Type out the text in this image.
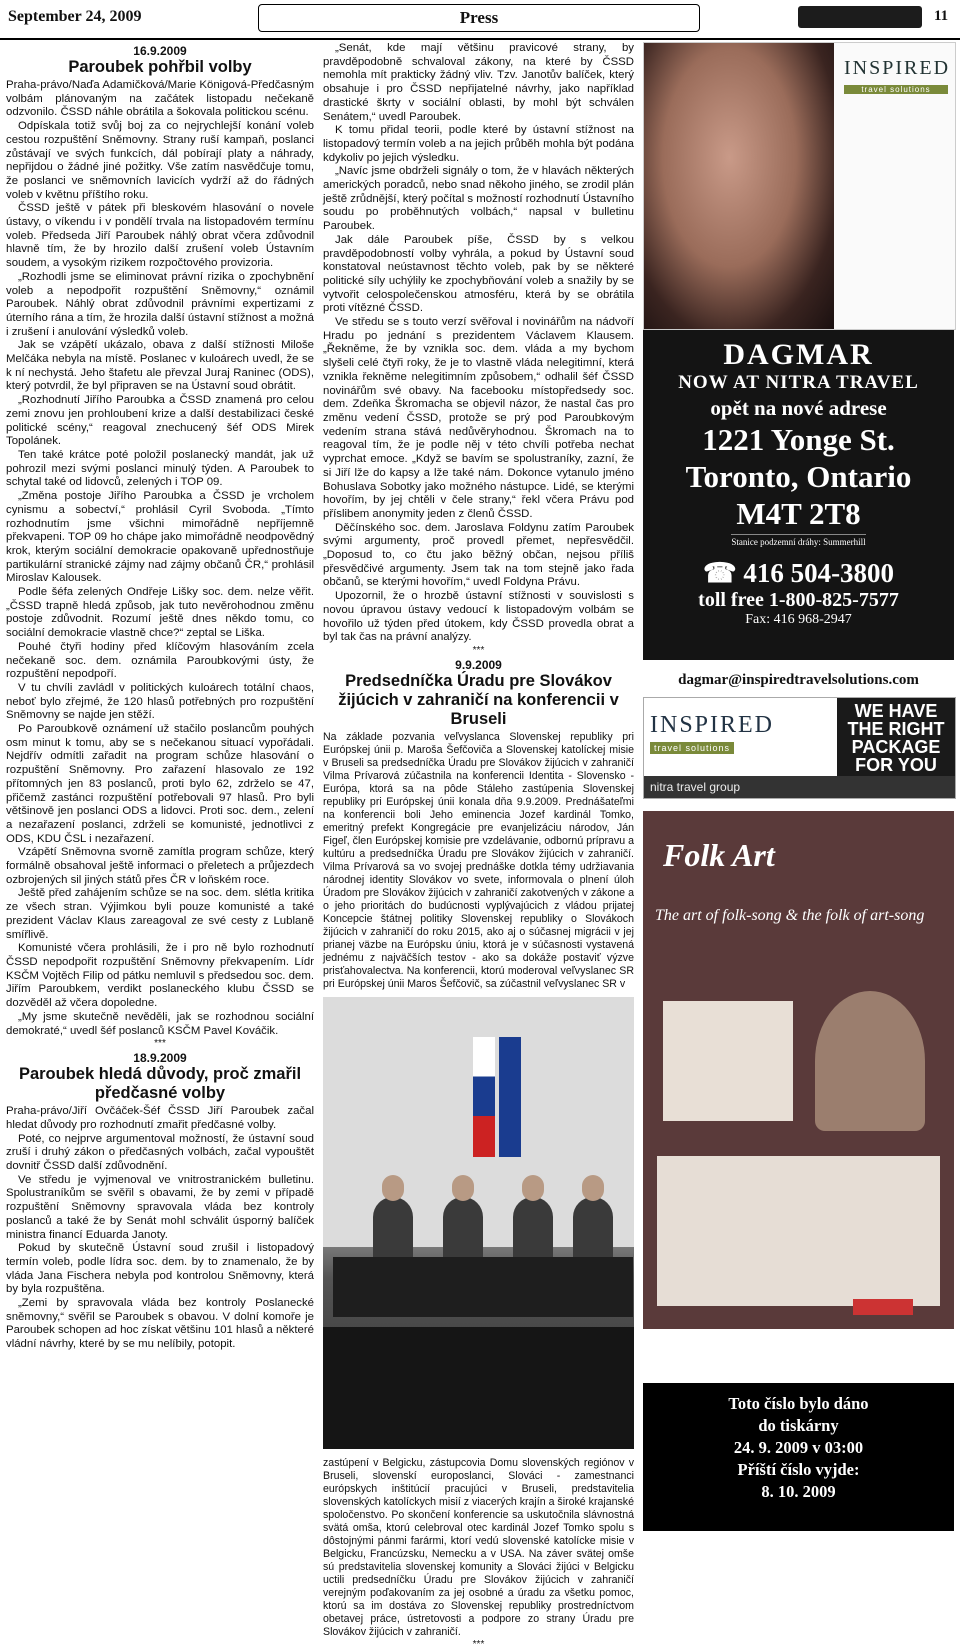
September 24, 2009	Press	11
16.9.2009
Paroubek pohřbil volby

Praha-právo/Naďa Adamičková/Marie Königová-Předčasným volbám plánovaným na začátek listopadu nečekaně odzvonilo. ČSSD náhle obrátila a šokovala politickou scénu.

Odpískala totiž svůj boj za co nejrychlejší konání voleb cestou rozpuštění Sněmovny. Strany ruší kampaň, poslanci zůstávají ve svých funkcích, dál pobírají platy a náhrady, nepřijdou o žádné jiné požitky. Vše zatím nasvědčuje tomu, že poslanci ve sněmovních lavicích vydrží až do řádných voleb v květnu příštího roku.

ČSSD ještě v pátek při bleskovém hlasování o novele ústavy, o víkendu i v pondělí trvala na listopadovém termínu voleb. Předseda Jiří Paroubek náhlý obrat včera zdůvodnil hlavně tím, že by hrozilo další zrušení voleb Ústavním soudem, a vysokým rizikem rozpočtového provizoria.

„Rozhodli jsme se eliminovat právní rizika o zpochybnění voleb a nepodpořit rozpuštění Sněmovny,“ oznámil Paroubek. Náhlý obrat zdůvodnil právními expertizami z úterního rána a tím, že hrozila další ústavní stížnost a možná i zrušení i anulování výsledků voleb.

Jak se vzápětí ukázalo, obava z další stížnosti Miloše Melčáka nebyla na místě. Poslanec v kuloárech uvedl, že se k ní nechystá. Jeho štafetu ale převzal Juraj Raninec (ODS), který potvrdil, že byl připraven se na Ústavní soud obrátit.

„Rozhodnutí Jiřího Paroubka a ČSSD znamená pro celou zemi znovu jen prohloubení krize a další destabilizaci české politické scény,“ reagoval znechucený šéf ODS Mirek Topolánek.

Ten také krátce poté položil poslanecký mandát, jak už pohrozil mezi svými poslanci minulý týden. A Paroubek to schytal také od lidovců, zelených i TOP 09.

„Změna postoje Jiřího Paroubka a ČSSD je vrcholem cynismu a sobectví,“ prohlásil Cyril Svoboda. „Tímto rozhodnutím jsme všichni mimořádně nepříjemně překvapeni. TOP 09 ho chápe jako mimořádně neodpovědný krok, kterým sociální demokracie opakovaně upřednostňuje partikulární stranické zájmy nad zájmy občanů ČR,“ prohlásil Miroslav Kalousek.

Podle šéfa zelených Ondřeje Lišky soc. dem. nelze věřit. „ČSSD trapně hledá způsob, jak tuto nevěrohodnou změnu postoje zdůvodnit. Rozumí ještě dnes někdo tomu, co sociální demokracie vlastně chce?“ zeptal se Liška.

Pouhé čtyři hodiny před klíčovým hlasováním zcela nečekaně soc. dem. oznámila Paroubkovými ústy, že rozpuštění nepodpoří.

V tu chvíli zavládl v politických kuloárech totální chaos, neboť bylo zřejmé, že 120 hlasů potřebných pro rozpuštění Sněmovny se najde jen stěží.

Po Paroubkově oznámení už stačilo poslancům pouhých osm minut k tomu, aby se s nečekanou situací vypořádali. Nejdřív odmítli zařadit na program schůze hlasování o rozpuštění Sněmovny. Pro zařazení hlasovalo ze 192 přítomných jen 83 poslanců, proti bylo 62, zdrželo se 47, přičemž zastánci rozpuštění potřebovali 97 hlasů. Pro byli většinově jen poslanci ODS a lidovci. Proti soc. dem., zelení a nezařazení poslanci, zdrželi se komunisté, jednotlivci z ODS, KDU ČSL i nezařazení.

Vzápětí Sněmovna svorně zamítla program schůze, který formálně obsahoval ještě informaci o přeletech a průjezdech ozbrojených sil jiných států přes ČR v loňském roce.

Ještě před zahájením schůze se na soc. dem. slétla kritika ze všech stran. Výjimkou byli pouze komunisté a také prezident Václav Klaus zareagoval ze své cesty z Lublaně smířlivě.

Komunisté včera prohlásili, že i pro ně bylo rozhodnutí ČSSD nepodpořit rozpuštění Sněmovny překvapením. Lídr KSČM Vojtěch Filip od pátku nemluvil s předsedou soc. dem. Jiřím Paroubkem, verdikt poslaneckého klubu ČSSD se dozvěděl až včera dopoledne.

„My jsme skutečně nevěděli, jak se rozhodnou sociální demokraté,“ uvedl šéf poslanců KSČM Pavel Kováčik.

***
18.9.2009
Paroubek hledá důvody, proč zmařil předčasné volby

Praha-právo/Jiří Ovčáček-Šéf ČSSD Jiří Paroubek začal hledat důvody pro rozhodnutí zmařit předčasné volby.

Poté, co nejprve argumentoval možností, že ústavní soud zruší i druhý zákon o předčasných volbách, začal vypouštět dovnitř ČSSD další zdůvodnění.

Ve středu je vyjmenoval ve vnitrostranickém bulletinu. Spolustraníkům se svěřil s obavami, že by zemi v případě rozpuštění Sněmovny spravovala vláda bez kontroly poslanců a také že by Senát mohl schválit úsporný balíček ministra financí Eduarda Janoty.

Pokud by skutečně Ústavní soud zrušil i listopadový termín voleb, podle lídra soc. dem. by to znamenalo, že by vláda Jana Fischera nebyla pod kontrolou Sněmovny, která by byla rozpuštěna.

„Zemi by spravovala vláda bez kontroly Poslanecké sněmovny,“ svěřil se Paroubek s obavou. V dolní komoře je Paroubek schopen ad hoc získat většinu 101 hlasů a některé vládní návrhy, které by se mu nelíbily, potopit.

„Senát, kde mají většinu pravicové strany, by pravděpodobně schvaloval zákony, na které by ČSSD nemohla mít prakticky žádný vliv. Tzv. Janotův balíček, který obsahuje i pro ČSSD nepřijatelné návrhy, jako například drastické škrty v sociální oblasti, by mohl být schválen Senátem,“ uvedl Paroubek.

K tomu přidal teorii, podle které by ústavní stížnost na listopadový termín voleb a na jejich průběh mohla být podána kdykoliv po jejich výsledku.

„Navíc jsme obdrželi signály o tom, že v hlavách některých amerických poradců, nebo snad někoho jiného, se zrodil plán ještě zrůdnější, který počítal s možností rozhodnutí Ústavního soudu po proběhnutých volbách,“ napsal v bulletinu Paroubek.

Jak dále Paroubek píše, ČSSD by s velkou pravděpodobností volby vyhrála, a pokud by Ústavní soud konstatoval neústavnost těchto voleb, pak by se některé politické síly uchýlily ke zpochybňování voleb a snažily by se vytvořit celospolečenskou atmosféru, která by se obrátila proti vítězné ČSSD.

Ve středu se s touto verzí svěřoval i novinářům na nádvoří Hradu po jednání s prezidentem Václavem Klausem. „Řekněme, že by vznikla soc. dem. vláda a my bychom slyšeli celé čtyři roky, že je to vlastně vláda nelegitimní, která vznikla řekněme nelegitimním způsobem,“ odhalil šéf ČSSD novinářům své obavy. Na facebooku místopředsedy soc. dem. Zdeňka Škromacha se objevil názor, že nastal čas pro změnu vedení ČSSD, protože se prý pod Paroubkovým vedením strana stává nedůvěryhodnou. Škromach na to reagoval tím, že je podle něj v této chvíli potřeba nechat vyprchat emoce. „Když se bavím se spolustraníky, zazní, že si Jiří lže do kapsy a lže také nám. Dokonce vytanulo jméno Bohuslava Sobotky jako možného nástupce. Lidé, se kterými hovořím, by jej chtěli v čele strany,“ řekl včera Právu pod příslibem anonymity jeden z členů ČSSD.

Děčínského soc. dem. Jaroslava Foldynu zatím Paroubek svými argumenty, proč provedl přemet, nepřesvědčil. „Doposud to, co čtu jako běžný občan, nejsou příliš přesvědčivé argumenty. Jsem tak na tom stejně jako řada občanů, se kterými hovořím,“ uvedl Foldyna Právu.

Upozornil, že o hrozbě ústavní stížnosti v souvislosti s novou úpravou ústavy vedoucí k listopadovým volbám se hovořilo už týden před útokem, kdy ČSSD provedla obrat a byl tak čas na právní analýzy.

***
9.9.2009
Predsedníčka Úradu pre Slovákov žijúcich v zahraničí na konferencii v Bruseli

Na základe pozvania veľvyslanca Slovenskej republiky pri Európskej únii p. Maroša Šefčoviča a Slovenskej katolíckej misie v Bruseli sa predsedníčka Úradu pre Slovákov žijúcich v zahraničí Vilma Prívarová zúčastnila na konferencii Identita - Slovensko - Európa, ktorá sa na pôde Stáleho zastúpenia Slovenskej republiky pri Európskej únii konala dňa 9.9.2009. Prednášateľmi na konferencii boli Jeho eminencia Jozef kardinál Tomko, emeritný prefekt Kongregácie pre evanjelizáciu národov, Ján Figeľ, člen Európskej komisie pre vzdelávanie, odbornú prípravu a kultúru a predsedníčka Úradu pre Slovákov žijúcich v zahraničí. Vilma Prívarová sa vo svojej prednáške dotkla témy udržiavania národnej identity Slovákov vo svete, informovala o plnení úloh Úradom pre Slovákov žijúcich v zahraničí zakotvených v zákone a o jeho prioritách do budúcnosti vyplývajúcich z vládou prijatej Koncepcie štátnej politiky Slovenskej republiky o Slovákoch žijúcich v zahraničí do roku 2015, ako aj o súčasnej migrácii v jej prianej väzbe na Európsku úniu, ktorá je v súčasnosti vystavená jednému z najväčších testov - ako sa dokáže postaviť výzve prisťahovalectva. Na konferencii, ktorú moderoval veľvyslanec SR pri Európskej únii Maros Šefčovič, sa zúčastnil veľvyslanec SR v

zastúpení v Belgicku, zástupcovia Domu slovenských regiónov v Bruseli, slovenskí europoslanci, Slováci - zamestnanci európskych inštitúcií pracujúci v Bruseli, predstavitelia slovenských katolíckych misií z viacerých krajín a široké krajanské spoločenstvo. Po skončení konferencie sa uskutočnila slávnostná svätá omša, ktorú celebroval otec kardinál Jozef Tomko spolu s dôstojnými pánmi farármi, ktorí vedú slovenské katolícke misie v Belgicku, Francúzsku, Nemecku a v USA. Na záver svätej omše sú predstavitelia slovenskej komunity a Slováci žijúci v Belgicku uctili predsedníčku Úradu pre Slovákov žijúcich v zahraničí verejným poďakovaním za jej osobné a úradu za všetku pomoc, ktorú sa im dostáva zo Slovenskej republiky prostredníctvom obetavej práce, ústretovosti a podpore zo strany Úradu pre Slovákov žijúcich v zahraničí.

***
INSPIRED
travel solutions
DAGMAR
NOW AT NITRA TRAVEL
opět na nové adrese
1221 Yonge St.
Toronto, Ontario
M4T 2T8
Stanice podzemní dráhy: Summerhill
☎ 416 504-3800
toll free 1-800-825-7577
Fax: 416 968-2947
dagmar@inspiredtravelsolutions.com
INSPIRED
travel solutions
WE HAVE THE RIGHT PACKAGE FOR YOU
nitra travel group
Folk Art
The art of folk-song & the folk of art-song
Toto číslo bylo dáno
do tiskárny
24. 9. 2009 v 03:00
Příští číslo vyjde:
8. 10. 2009
